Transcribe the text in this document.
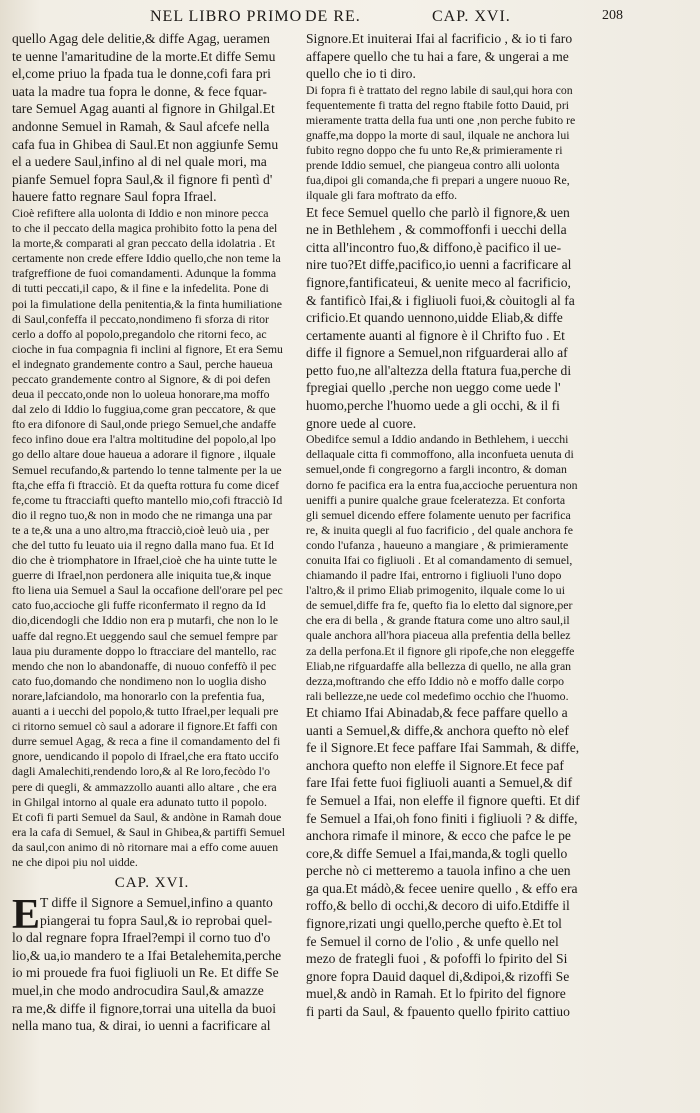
NEL LIBRO PRIMO DE RE.	CAP. XVI.	208
quello Agag dele delitie,& diffe Agag, ueramen
te uenne l'amaritudine de la morte.Et diffe Semu
el,come priuo la fpada tua le donne,cofi fara pri
uata la madre tua fopra le donne, & fece fquar-
tare Semuel Agag auanti al fignore in Ghilgal.Et
andonne Semuel in Ramah, & Saul afcefe nella
cafa fua in Ghibea di Saul.Et non aggiunfe Semu
el a uedere Saul,infino al di nel quale mori, ma
pianfe Semuel fopra Saul,& il fignore fi pentì d'
hauere fatto regnare Saul fopra Ifrael.
Cioè refiftere alla uolonta di Iddio e non minore pecca
to che il peccato della magica prohibito fotto la pena del
la morte,& comparati al gran peccato della idolatria . Et
certamente non crede effere Iddio quello,che non teme la
trafgreffione de fuoi comandamenti. Adunque la fomma
di tutti peccati,il capo, & il fine e la infedelita. Pone di
poi la fimulatione della penitentia,& la finta humiliatione
di Saul,confeffa il peccato,nondimeno fi sforza di ritor
cerlo a doffo al popolo,pregandolo che ritorni feco, ac
cioche in fua compagnia fi inclini al fignore, Et era Semu
el indegnato grandemente contro a Saul, perche haueua
peccato grandemente contro al Signore, & di poi defen
deua il peccato,onde non lo uoleua honorare,ma moffo
dal zelo di Iddio lo fuggiua,come gran peccatore, & que
fto era difonore di Saul,onde priego Semuel,che andaffe
feco infino doue era l'altra moltitudine del popolo,al lpo
go dello altare doue haueua a adorare il fignore , ilquale
Semuel recufando,& partendo lo tenne talmente per la ue
fta,che effa fi ftracciò. Et da quefta rottura fu come dicef
fe,come tu ftracciafti quefto mantello mio,cofi ftracciò Id
dio il regno tuo,& non in modo che ne rimanga una par
te a te,& una a uno altro,ma ftracciò,cioè leuò uia , per
che del tutto fu leuato uia il regno dalla mano fua. Et Id
dio che è triomphatore in Ifrael,cioè che ha uinte tutte le
guerre di Ifrael,non perdonera alle iniquita tue,& inque
fto liena uia Semuel a Saul la occafione dell'orare pel pec
cato fuo,accioche gli fuffe riconfermato il regno da Id
dio,dicendogli che Iddio non era p mutarfi, che non lo le
uaffe dal regno.Et ueggendo saul che semuel fempre par
laua piu duramente doppo lo ftracciare del mantello, rac
mendo che non lo abandonaffe, di nuouo confeffò il pec
cato fuo,domando che nondimeno non lo uoglia disho
norare,lafciandolo, ma honorarlo con la prefentia fua,
auanti a i uecchi del popolo,& tutto Ifrael,per lequali pre
ci ritorno semuel cò saul a adorare il fignore.Et faffi con
durre semuel Agag, & reca a fine il comandamento del fi
gnore, uendicando il popolo di Ifrael,che era ftato uccifo
dagli Amalechiti,rendendo loro,& al Re loro,fecòdo l'o
pere di quegli, & ammazzollo auanti allo altare , che era
in Ghilgal intorno al quale era adunato tutto il popolo.
Et cofi fi parti Semuel da Saul, & andòne in Ramah doue
era la cafa di Semuel, & Saul in Ghibea,& partiffi Semuel
da saul,con animo di nò ritornare mai a effo come auuen
ne che dipoi piu nol uidde.
CAP. XVI.
E T diffe il Signore a Semuel,infino a quanto
piangerai tu fopra Saul,& io reprobai quel-
lo dal regnare fopra Ifrael?empi il corno tuo d'o
lio,& ua,io mandero te a Ifai Betalehemita,perche
io mi prouede fra fuoi figliuoli un Re. Et diffe Se
muel,in che modo androcudira Saul,& amazze
ra me,& diffe il fignore,torrai una uitella da buoi
nella mano tua, & dirai, io uenni a facrificare al
Signore.Et inuiterai Ifai al facrificio , & io ti faro
affapere quello che tu hai a fare, & ungerai a me
quello che io ti diro.
Di fopra fi è trattato del regno labile di saul,qui hora con
fequentemente fi tratta del regno ftabile fotto Dauid, pri
mieramente tratta della fua unti one ,non perche fubito re
gnaffe,ma doppo la morte di saul, ilquale ne anchora lui
fubito regno doppo che fu unto Re,& primieramente ri
prende Iddio semuel, che piangeua contro alli uolonta
fua,dipoi gli comanda,che fi prepari a ungere nuouo Re,
ilquale gli fara moftrato da effo.
Et fece Semuel quello che parlò il fignore,& uen
ne in Bethlehem , & commoffonfi i uecchi della
citta all'incontro fuo,& diffono,è pacifico il ue-
nire tuo?Et diffe,pacifico,io uenni a facrificare al
fignore,fantificateui, & uenite meco al facrificio,
& fantificò Ifai,& i figliuoli fuoi,& còuitogli al fa
crificio.Et quando uennono,uidde Eliab,& diffe
certamente auanti al fignore è il Chrifto fuo . Et
diffe il fignore a Semuel,non rifguarderai allo af
petto fuo,ne all'altezza della ftatura fua,perche di
fpregiai quello ,perche non ueggo come uede l'
huomo,perche l'huomo uede a gli occhi, & il fi
gnore uede al cuore.
Obedifce semul a Iddio andando in Bethlehem, i uecchi
dellaquale citta fi commoffono, alla inconfueta uenuta di
semuel,onde fi congregorno a fargli incontro, & doman
dorno fe pacifica era la entra fua,accioche peruentura non
ueniffi a punire qualche graue fceleratezza. Et conforta
gli semuel dicendo effere folamente uenuto per facrifica
re, & inuita quegli al fuo facrificio , del quale anchora fe
condo l'ufanza , haueuno a mangiare , & primieramente
conuita Ifai co figliuoli . Et al comandamento di semuel,
chiamando il padre Ifai, entrorno i figliuoli l'uno dopo
l'altro,& il primo Eliab primogenito, ilquale come lo ui
de semuel,diffe fra fe, quefto fia lo eletto dal signore,per
che era di bella , & grande ftatura come uno altro saul,il
quale anchora all'hora piaceua alla prefentia della bellez
za della perfona.Et il fignore gli ripofe,che non eleggeffe
Eliab,ne rifguardaffe alla bellezza di quello, ne alla gran
dezza,moftrando che effo Iddio nò e moffo dalle corpo
rali bellezze,ne uede col medefimo occhio che l'huomo.
Et chiamo Ifai Abinadab,& fece paffare quello a
uanti a Semuel,& diffe,& anchora quefto nò elef
fe il Signore.Et fece paffare Ifai Sammah, & diffe,
anchora quefto non eleffe il Signore.Et fece paf
fare Ifai fette fuoi figliuoli auanti a Semuel,& dif
fe Semuel a Ifai, non eleffe il fignore quefti. Et dif
fe Semuel a Ifai,oh fono finiti i figliuoli ? & diffe,
anchora rimafe il minore, & ecco che pafce le pe
core,& diffe Semuel a Ifai,manda,& togli quello
perche nò ci metteremo a tauola infino a che uen
ga qua.Et mádò,& fecee uenire quello , & effo era
roffo,& bello di occhi,& decoro di uifo.Etdiffe il
fignore,rizati ungi quello,perche quefto è.Et tol
fe Semuel il corno de l'olio , & unfe quello nel
mezo de frategli fuoi , & pofoffi lo fpirito del Si
gnore fopra Dauid daquel di,&dipoi,& rizoffi Se
muel,& andò in Ramah. Et lo fpirito del fignore
fi parti da Saul, & fpauento quello fpirito cattiuo
